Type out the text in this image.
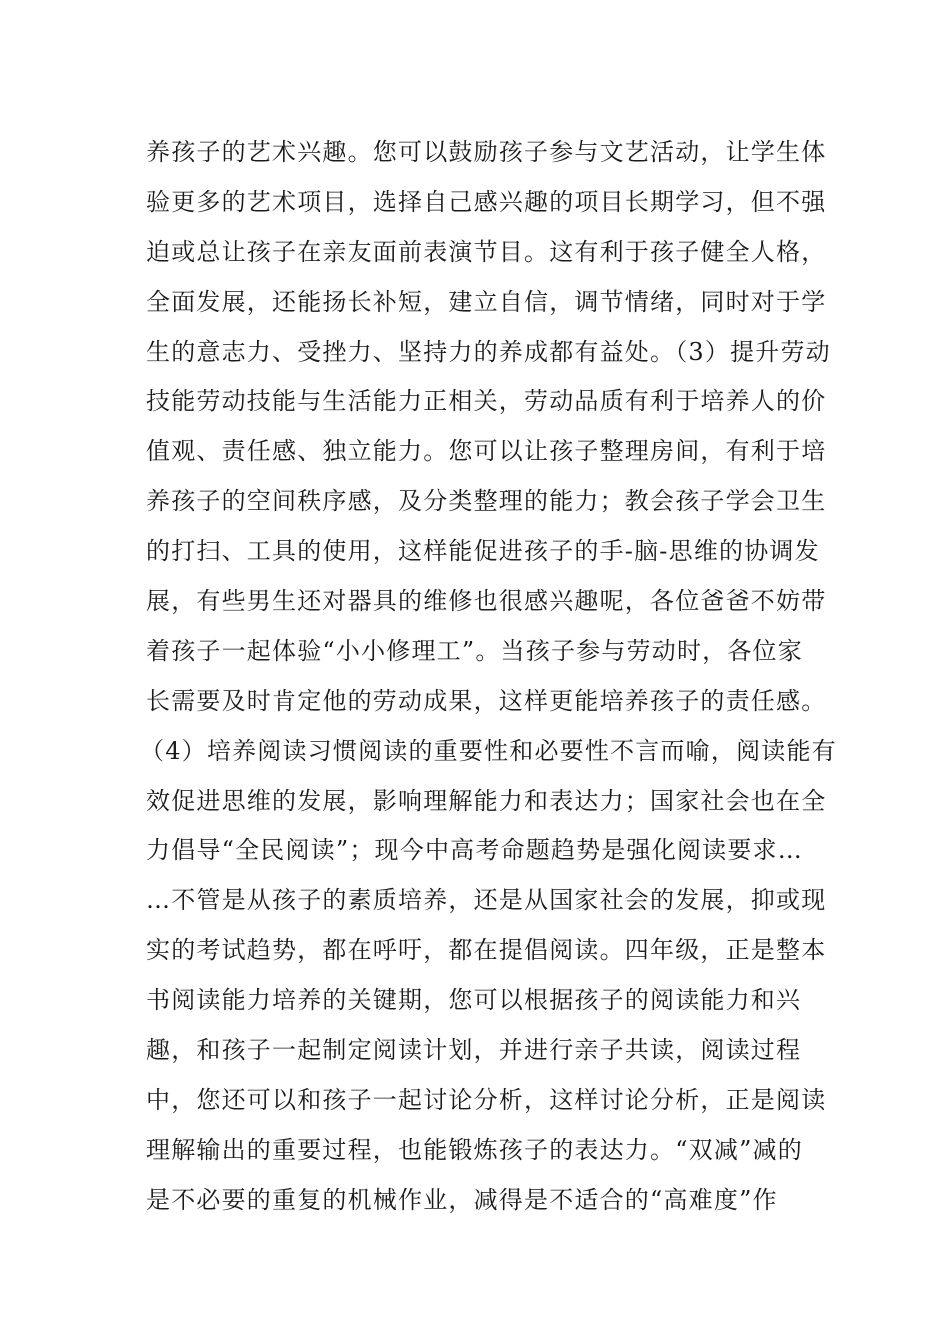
养孩子的艺术兴趣。您可以鼓励孩子参与文艺活动，让学生体
验更多的艺术项目，选择自己感兴趣的项目长期学习，但不强
迫或总让孩子在亲友面前表演节目。这有利于孩子健全人格，
全面发展，还能扬长补短，建立自信，调节情绪，同时对于学
生的意志力、受挫力、坚持力的养成都有益处。（3）提升劳动
技能劳动技能与生活能力正相关，劳动品质有利于培养人的价
值观、责任感、独立能力。您可以让孩子整理房间，有利于培
养孩子的空间秩序感，及分类整理的能力；教会孩子学会卫生
的打扫、工具的使用，这样能促进孩子的手-脑-思维的协调发
展，有些男生还对器具的维修也很感兴趣呢，各位爸爸不妨带
着孩子一起体验“小小修理工”。当孩子参与劳动时，各位家
长需要及时肯定他的劳动成果，这样更能培养孩子的责任感。
（4）培养阅读习惯阅读的重要性和必要性不言而喻，阅读能有
效促进思维的发展，影响理解能力和表达力；国家社会也在全
力倡导“全民阅读”；现今中高考命题趋势是强化阅读要求…
…不管是从孩子的素质培养，还是从国家社会的发展，抑或现
实的考试趋势，都在呼吁，都在提倡阅读。四年级，正是整本
书阅读能力培养的关键期，您可以根据孩子的阅读能力和兴
趣，和孩子一起制定阅读计划，并进行亲子共读，阅读过程
中，您还可以和孩子一起讨论分析，这样讨论分析，正是阅读
理解输出的重要过程，也能锻炼孩子的表达力。“双减”减的
是不必要的重复的机械作业，减得是不适合的“高难度”作
